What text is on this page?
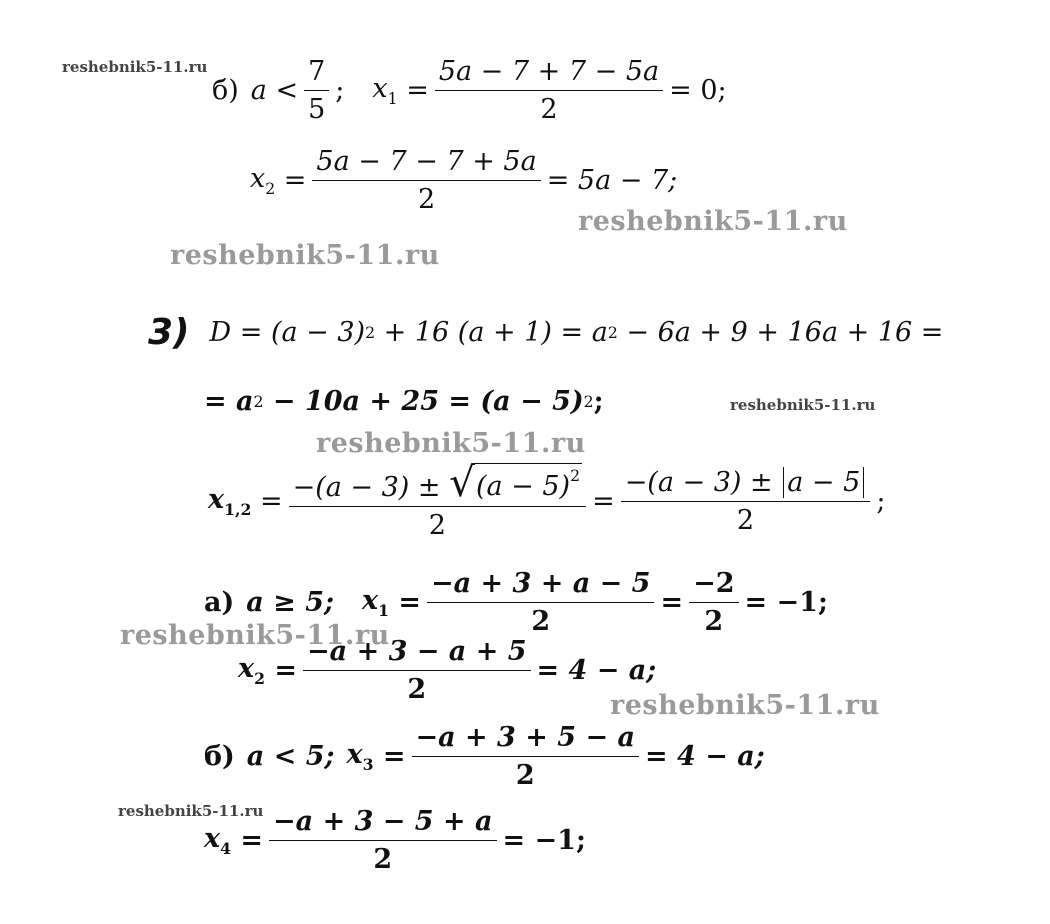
reshebnik5-11.ru
reshebnik5-11.ru
reshebnik5-11.ru
reshebnik5-11.ru
reshebnik5-11.ru
reshebnik5-11.ru
reshebnik5-11.ru
reshebnik5-11.ru
б) $a < \frac{7}{5}$ ; $x_1 = \frac{5a - 7 + 7 - 5a}{2} = 0$;
$x_2 = \frac{5a - 7 - 7 + 5a}{2} = 5a - 7$;
3) D = (a − 3) 2 + 16 (a + 1) = a 2 − 6a + 9 + 16a + 16 =
= a 2 − 10a + 25 = (a − 5) 2 ;
$x_{1,2} = \frac{-(a - 3) \pm √ (a - 5)^2}{2} = \frac{-(a - 3) \pm a - 5}{2}$ ;
а) a ≥ 5; $x_1 = \frac{-a + 3 + a - 5}{2} = \frac{-2}{2} = -1$;
$x_2 = \frac{-a + 3 - a + 5}{2} = 4 - a$;
б) a < 5; $x_3 = \frac{-a + 3 + 5 - a}{2} = 4 - a$;
$x_4 = \frac{-a + 3 - 5 + a}{2} = -1$;
